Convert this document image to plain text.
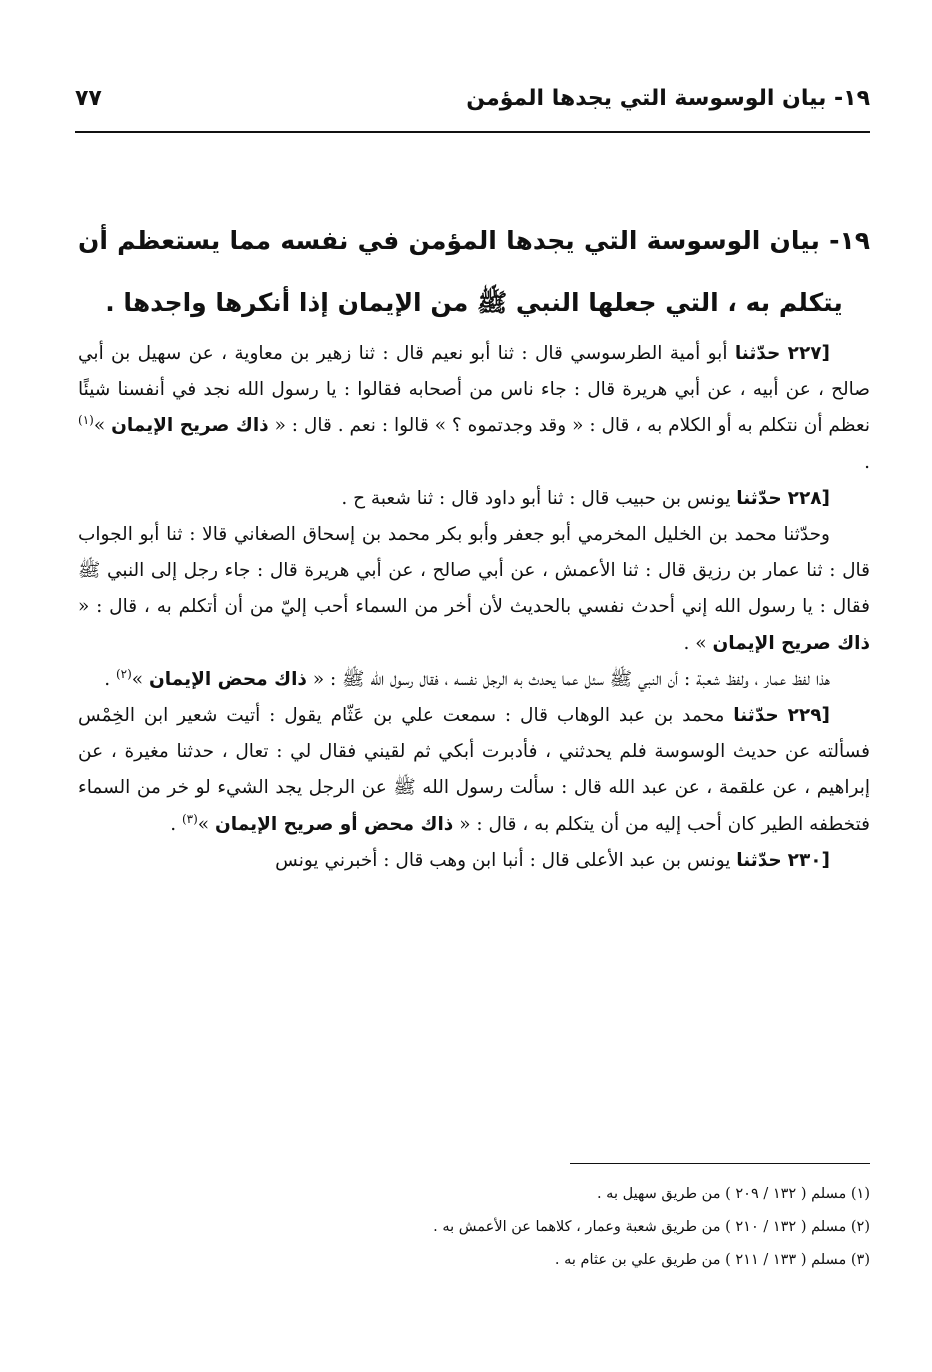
١٩- بيان الوسوسة التي يجدها المؤمن
٧٧
١٩- بيان الوسوسة التي يجدها المؤمن في نفسه مما يستعظم أن يتكلم به ، التي جعلها النبي ﷺ من الإيمان إذا أنكرها واجدها .

[٢٢٧ حدّثنا أبو أمية الطرسوسي قال : ثنا أبو نعيم قال : ثنا زهير بن معاوية ، عن سهيل بن أبي صالح ، عن أبيه ، عن أبي هريرة قال : جاء ناس من أصحابه فقالوا : يا رسول الله نجد في أنفسنا شيئًا نعظم أن نتكلم به أو الكلام به ، قال : « وقد وجدتموه ؟ » قالوا : نعم . قال : « ذاك صريح الإيمان »$^{(١)}$ .

[٢٢٨ حدّثنا يونس بن حبيب قال : ثنا أبو داود قال : ثنا شعبة ح .

وحدّثنا محمد بن الخليل المخرمي أبو جعفر وأبو بكر محمد بن إسحاق الصغاني قالا : ثنا أبو الجواب قال : ثنا عمار بن رزيق قال : ثنا الأعمش ، عن أبي صالح ، عن أبي هريرة قال : جاء رجل إلى النبي ﷺ فقال : يا رسول الله إني أحدث نفسي بالحديث لأن أخر من السماء أحب إليّ من أن أتكلم به ، قال : « ذاك صريح الإيمان » .

هذا لفظ عمار ، ولفظ شعبة : أن النبي ﷺ سئل عما يحدث به الرجل نفسه ، فقال رسول الله ﷺ : « ذاك محض الإيمان »$^{(٢)}$ .

[٢٢٩ حدّثنا محمد بن عبد الوهاب قال : سمعت علي بن عَثّام يقول : أتيت شعير ابن الخِمْس فسألته عن حديث الوسوسة فلم يحدثني ، فأدبرت أبكي ثم لقيني فقال لي : تعال ، حدثنا مغيرة ، عن إبراهيم ، عن علقمة ، عن عبد الله قال : سألت رسول الله ﷺ عن الرجل يجد الشيء لو خر من السماء فتخطفه الطير كان أحب إليه من أن يتكلم به ، قال : « ذاك محض أو صريح الإيمان »$^{(٣)}$ .

[٢٣٠ حدّثنا يونس بن عبد الأعلى قال : أنبا ابن وهب قال : أخبرني يونس

(١) مسلم ( ١٣٢ / ٢٠٩ ) من طريق سهيل به .
(٢) مسلم ( ١٣٢ / ٢١٠ ) من طريق شعبة وعمار ، كلاهما عن الأعمش به .
(٣) مسلم ( ١٣٣ / ٢١١ ) من طريق علي بن عثام به .
